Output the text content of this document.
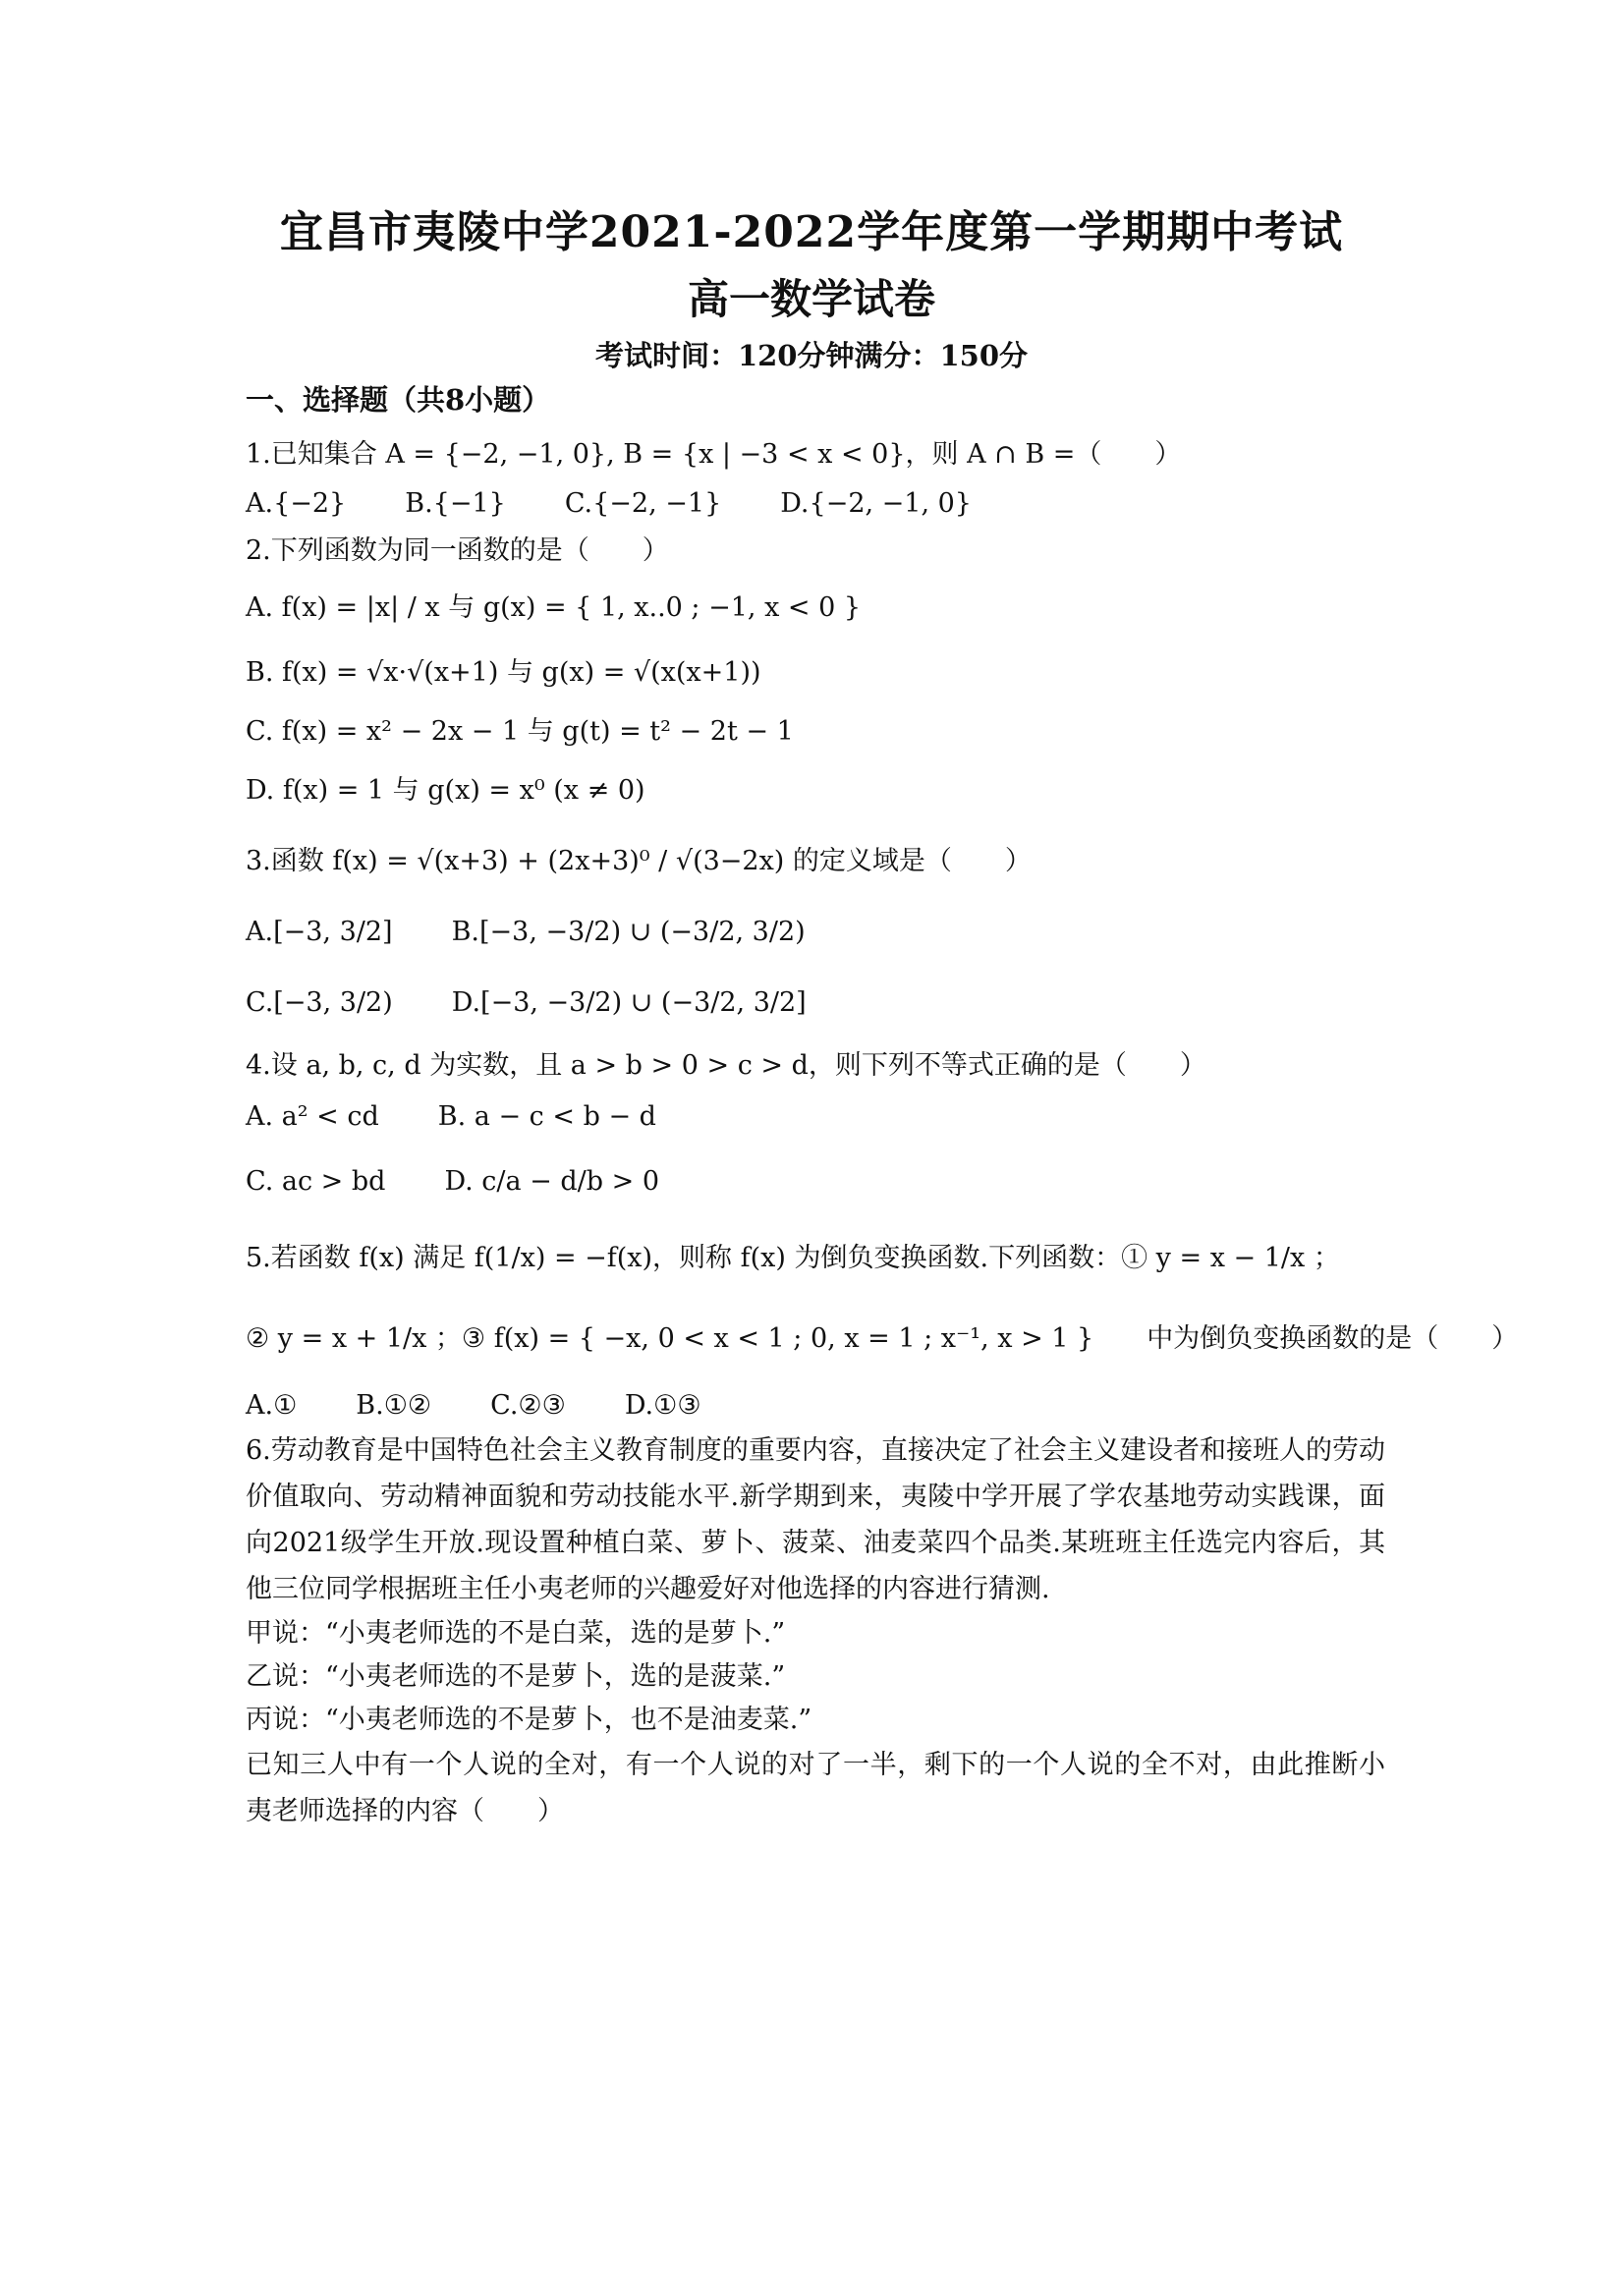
宜昌市夷陵中学2021-2022学年度第一学期期中考试
高一数学试卷
考试时间：120分钟满分：150分
一、选择题（共8小题）
1.已知集合 A = {−2, −1, 0}, B = {x | −3 < x < 0}，则 A ∩ B =（　　）
A.{−2} B.{−1} C.{−2, −1} D.{−2, −1, 0}
2.下列函数为同一函数的是（　　）
A. f(x) = |x| / x 与 g(x) = { 1, x..0 ; −1, x < 0 }
B. f(x) = √x·√(x+1) 与 g(x) = √(x(x+1))
C. f(x) = x² − 2x − 1 与 g(t) = t² − 2t − 1
D. f(x) = 1 与 g(x) = x⁰ (x ≠ 0)
3.函数 f(x) = √(x+3) + (2x+3)⁰ / √(3−2x) 的定义域是（　　）
A.[−3, 3/2] B.[−3, −3/2) ∪ (−3/2, 3/2)
C.[−3, 3/2) D.[−3, −3/2) ∪ (−3/2, 3/2]
4.设 a, b, c, d 为实数，且 a > b > 0 > c > d，则下列不等式正确的是（　　）
A. a² < cd B. a − c < b − d
C. ac > bd D. c/a − d/b > 0
5.若函数 f(x) 满足 f(1/x) = −f(x)，则称 f(x) 为倒负变换函数.下列函数：① y = x − 1/x ；
② y = x + 1/x ；③ f(x) = { −x, 0 < x < 1 ; 0, x = 1 ; x⁻¹, x > 1 }　　中为倒负变换函数的是（　　）
A.① B.①② C.②③ D.①③
6.劳动教育是中国特色社会主义教育制度的重要内容，直接决定了社会主义建设者和接班人的劳动价值取向、劳动精神面貌和劳动技能水平.新学期到来，夷陵中学开展了学农基地劳动实践课，面向2021级学生开放.现设置种植白菜、萝卜、菠菜、油麦菜四个品类.某班班主任选完内容后，其他三位同学根据班主任小夷老师的兴趣爱好对他选择的内容进行猜测.
甲说：“小夷老师选的不是白菜，选的是萝卜.”
乙说：“小夷老师选的不是萝卜，选的是菠菜.”
丙说：“小夷老师选的不是萝卜，也不是油麦菜.”
已知三人中有一个人说的全对，有一个人说的对了一半，剩下的一个人说的全不对，由此推断小夷老师选择的内容（　　）
